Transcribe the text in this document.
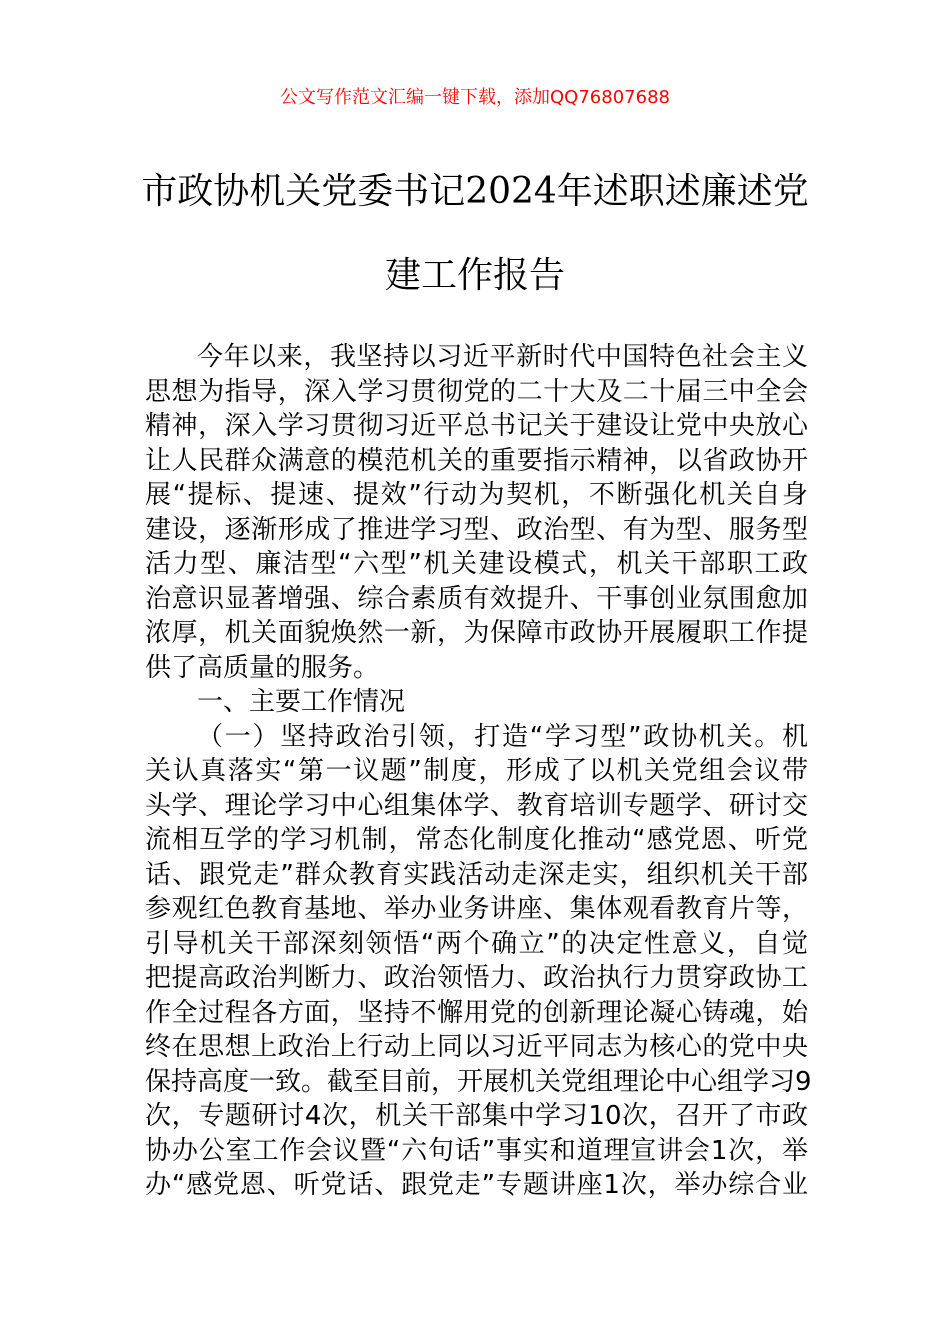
公文写作范文汇编一键下载，添加QQ76807688
市政协机关党委书记2024年述职述廉述党
建工作报告
今年以来，我坚持以习近平新时代中国特色社会主义
思想为指导，深入学习贯彻党的二十大及二十届三中全会
精神，深入学习贯彻习近平总书记关于建设让党中央放心
让人民群众满意的模范机关的重要指示精神，以省政协开
展“提标、提速、提效”行动为契机，不断强化机关自身
建设，逐渐形成了推进学习型、政治型、有为型、服务型
活力型、廉洁型“六型”机关建设模式，机关干部职工政
治意识显著增强、综合素质有效提升、干事创业氛围愈加
浓厚，机关面貌焕然一新，为保障市政协开展履职工作提
供了高质量的服务。
一、主要工作情况
（一）坚持政治引领，打造“学习型”政协机关。机
关认真落实“第一议题”制度，形成了以机关党组会议带
头学、理论学习中心组集体学、教育培训专题学、研讨交
流相互学的学习机制，常态化制度化推动“感党恩、听党
话、跟党走”群众教育实践活动走深走实，组织机关干部
参观红色教育基地、举办业务讲座、集体观看教育片等，
引导机关干部深刻领悟“两个确立”的决定性意义，自觉
把提高政治判断力、政治领悟力、政治执行力贯穿政协工
作全过程各方面，坚持不懈用党的创新理论凝心铸魂，始
终在思想上政治上行动上同以习近平同志为核心的党中央
保持高度一致。截至目前，开展机关党组理论中心组学习9
次，专题研讨4次，机关干部集中学习10次，召开了市政
协办公室工作会议暨“六句话”事实和道理宣讲会1次，举
办“感党恩、听党话、跟党走”专题讲座1次，举办综合业
